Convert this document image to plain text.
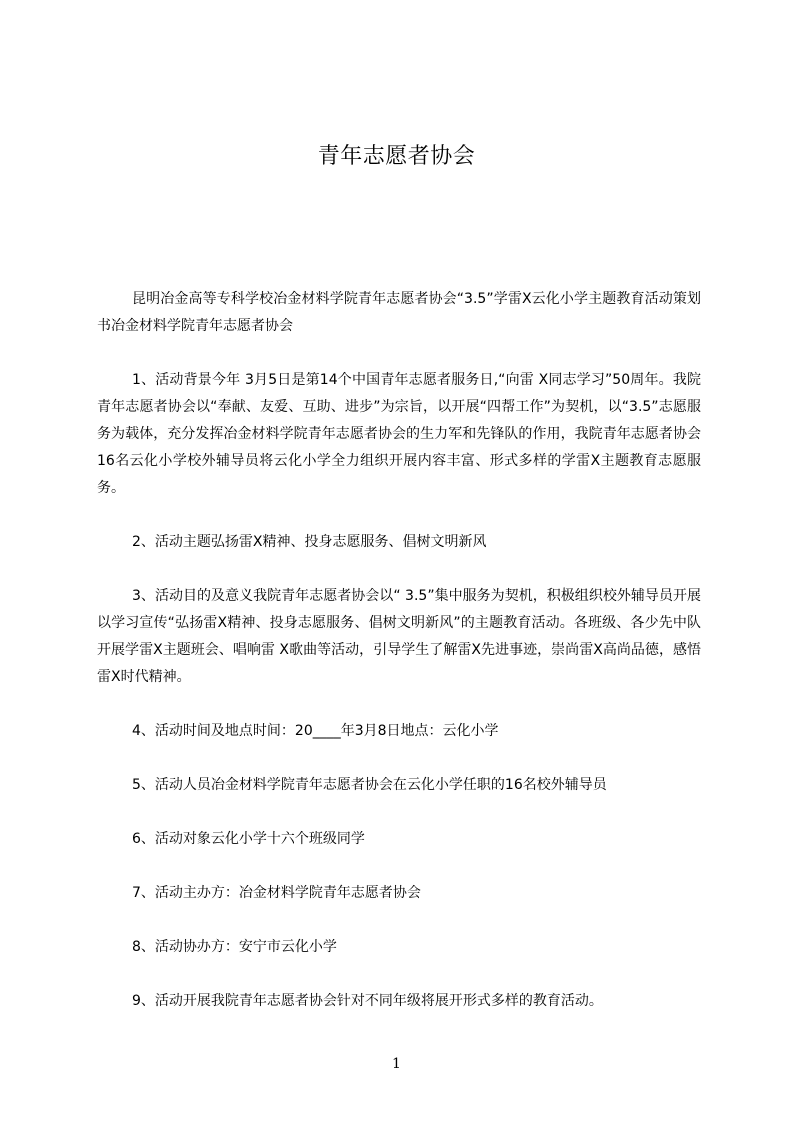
青年志愿者协会

昆明冶金高等专科学校冶金材料学院青年志愿者协会“3.5”学雷Ⅹ云化小学主题教育活动策划书冶金材料学院青年志愿者协会

1、活动背景今年 3月5日是第14个中国青年志愿者服务日,“向雷 Ⅹ同志学习”50周年。我院青年志愿者协会以“奉献、友爱、互助、进步”为宗旨，以开展“四帮工作”为契机，以“3.5”志愿服务为载体，充分发挥冶金材料学院青年志愿者协会的生力军和先锋队的作用，我院青年志愿者协会16名云化小学校外辅导员将云化小学全力组织开展内容丰富、形式多样的学雷Ⅹ主题教育志愿服务。

2、活动主题弘扬雷Ⅹ精神、投身志愿服务、倡树文明新风

3、活动目的及意义我院青年志愿者协会以“ 3.5”集中服务为契机，积极组织校外辅导员开展以学习宣传“弘扬雷Ⅹ精神、投身志愿服务、倡树文明新风”的主题教育活动。各班级、各少先中队开展学雷Ⅹ主题班会、唱响雷 Ⅹ歌曲等活动，引导学生了解雷Ⅹ先进事迹，崇尚雷Ⅹ高尚品德，感悟雷Ⅹ时代精神。

4、活动时间及地点时间：20____年3月8日地点：云化小学

5、活动人员冶金材料学院青年志愿者协会在云化小学任职的16名校外辅导员

6、活动对象云化小学十六个班级同学

7、活动主办方：冶金材料学院青年志愿者协会

8、活动协办方：安宁市云化小学

9、活动开展我院青年志愿者协会针对不同年级将展开形式多样的教育活动。

1
